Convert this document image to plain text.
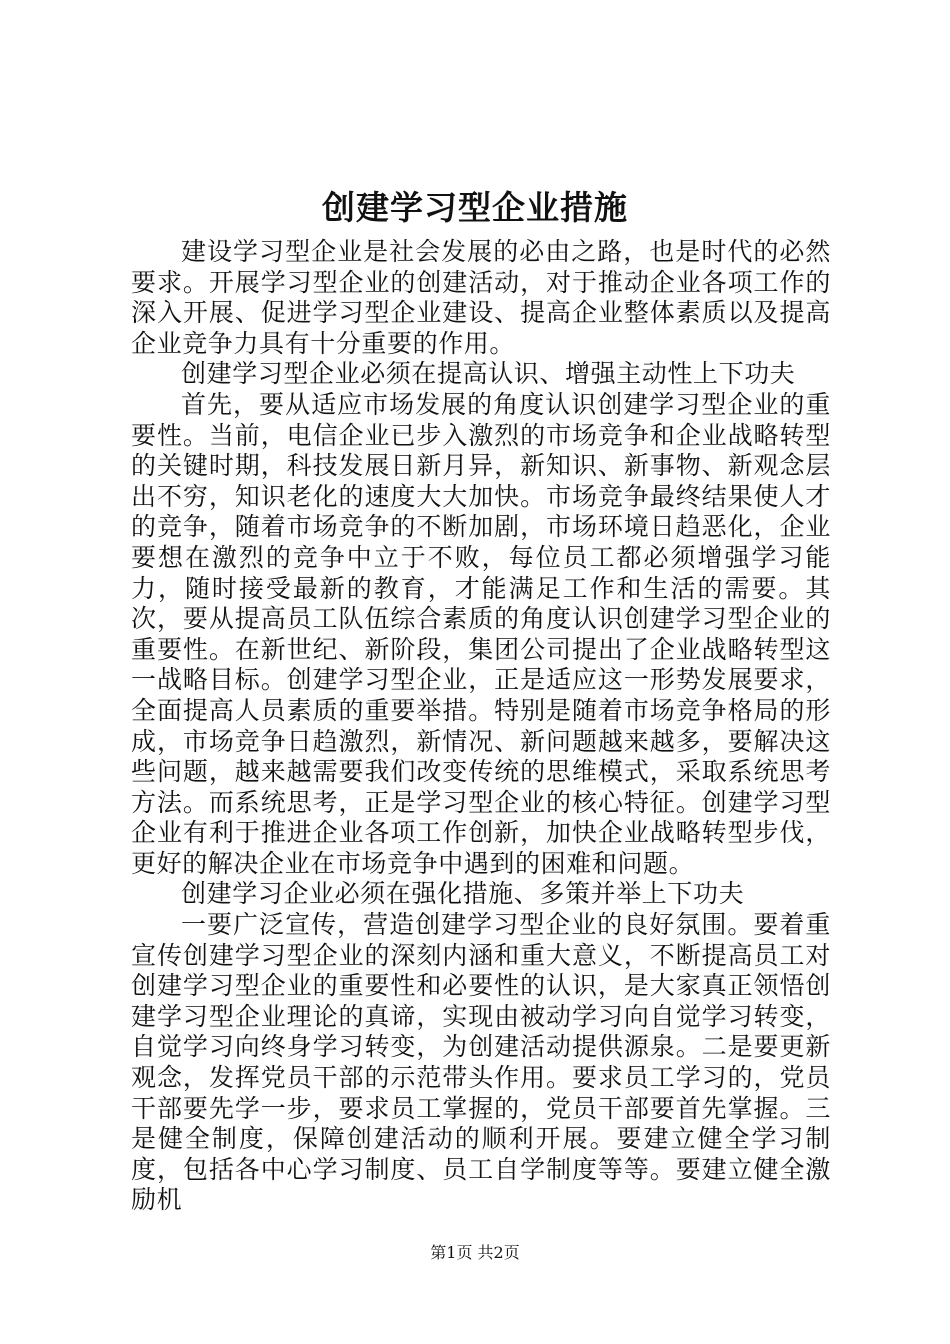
创建学习型企业措施

建设学习型企业是社会发展的必由之路，也是时代的必然要求。开展学习型企业的创建活动，对于推动企业各项工作的深入开展、促进学习型企业建设、提高企业整体素质以及提高企业竞争力具有十分重要的作用。

创建学习型企业必须在提高认识、增强主动性上下功夫

首先，要从适应市场发展的角度认识创建学习型企业的重要性。当前，电信企业已步入激烈的市场竞争和企业战略转型的关键时期，科技发展日新月异，新知识、新事物、新观念层出不穷，知识老化的速度大大加快。市场竞争最终结果使人才的竞争，随着市场竞争的不断加剧，市场环境日趋恶化，企业要想在激烈的竞争中立于不败，每位员工都必须增强学习能力，随时接受最新的教育，才能满足工作和生活的需要。其次，要从提高员工队伍综合素质的角度认识创建学习型企业的重要性。在新世纪、新阶段，集团公司提出了企业战略转型这一战略目标。创建学习型企业，正是适应这一形势发展要求，全面提高人员素质的重要举措。特别是随着市场竞争格局的形成，市场竞争日趋激烈，新情况、新问题越来越多，要解决这些问题，越来越需要我们改变传统的思维模式，采取系统思考方法。而系统思考，正是学习型企业的核心特征。创建学习型企业有利于推进企业各项工作创新，加快企业战略转型步伐，更好的解决企业在市场竞争中遇到的困难和问题。

创建学习企业必须在强化措施、多策并举上下功夫

一要广泛宣传，营造创建学习型企业的良好氛围。要着重宣传创建学习型企业的深刻内涵和重大意义，不断提高员工对创建学习型企业的重要性和必要性的认识，是大家真正领悟创建学习型企业理论的真谛，实现由被动学习向自觉学习转变，自觉学习向终身学习转变，为创建活动提供源泉。二是要更新观念，发挥党员干部的示范带头作用。要求员工学习的，党员干部要先学一步，要求员工掌握的，党员干部要首先掌握。三是健全制度，保障创建活动的顺利开展。要建立健全学习制度，包括各中心学习制度、员工自学制度等等。要建立健全激励机

第1页 共2页
